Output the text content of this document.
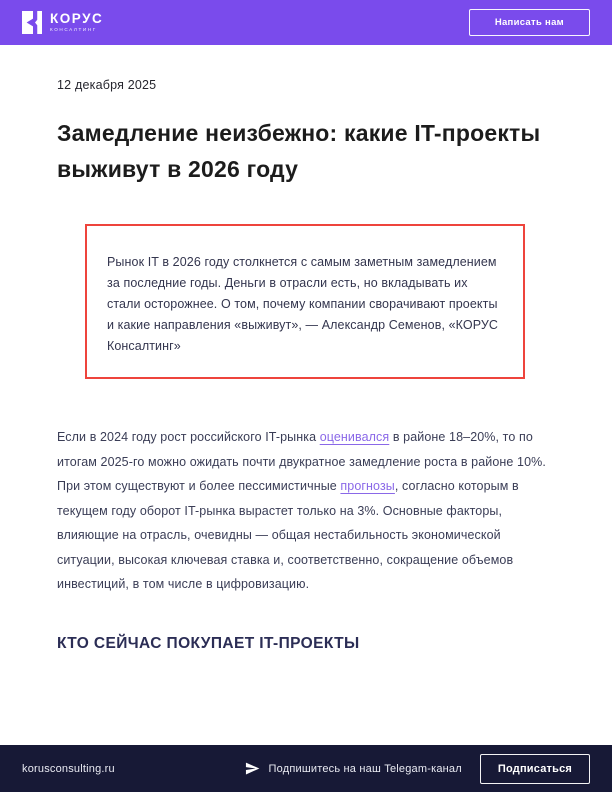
КОРУС
КОНСАЛТИНГ
Написать нам
12 декабря 2025
Замедление неизбежно: какие IT-проекты выживут в 2026 году

Рынок IT в 2026 году столкнется с самым заметным замедлением за последние годы. Деньги в отрасли есть, но вкладывать их стали осторожнее. О том, почему компании сворачивают проекты и какие направления «выживут», — Александр Семенов, «КОРУС Консалтинг»

Если в 2024 году рост российского IT-рынка оценивался в районе 18–20%, то по итогам 2025-го можно ожидать почти двукратное замедление роста в районе 10%. При этом существуют и более пессимистичные прогнозы, согласно которым в текущем году оборот IT-рынка вырастет только на 3%. Основные факторы, влияющие на отрасль, очевидны — общая нестабильность экономической ситуации, высокая ключевая ставка и, соответственно, сокращение объемов инвестиций, в том числе в цифровизацию.

КТО СЕЙЧАС ПОКУПАЕТ IT-ПРОЕКТЫ
korusconsulting.ru	Подпишитесь на наш Telegam-канал	Подписаться
